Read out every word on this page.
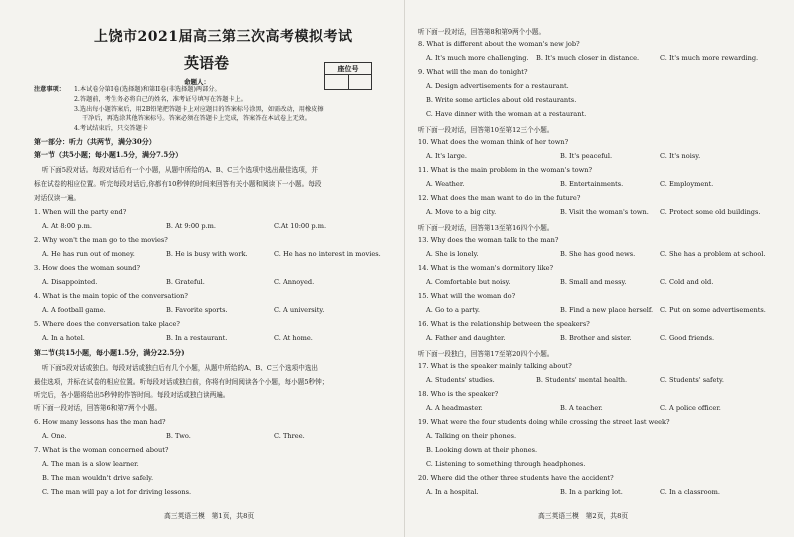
上饶市2021届高三第三次高考模拟考试
英语卷	座位号
命题人：
注意事项： 1.本试卷分第I卷(选择题)和第II卷(非选择题)两部分。
2.答题前，考生务必将自己的姓名，准考证号填写在答题卡上。
3.选出每小题答案后，用2B铅笔把答题卡上对应题目的答案标号涂黑，如需改动，用橡皮擦
干净后，再选涂其他答案标号。答案必须在答题卡上完成，答案答在本试卷上无效。
4.考试结束后，只交答题卡
第一部分：听力（共两节，满分30分）
第一节（共5小题；每小题1.5分，满分7.5分）
听下面5段对话。每段对话后有一个小题，从题中所给的A、B、C三个选项中选出最佳选项，并
标在试卷的相应位置。听完每段对话后,你都有10秒钟的时间来回答有关小题和阅读下一小题。每段
对话仅读一遍。
1. When will the party end?
A. At 8:00 p.m.	B. At 9:00 p.m.	C.At 10:00 p.m.
2. Why won't the man go to the movies?
A. He has run out of money.	B. He is busy with work.	C. He has no interest in movies.
3. How does the woman sound?
A. Disappointed.	B. Grateful.	C. Annoyed.
4. What is the main topic of the conversation?
A. A football game.	B. Favorite sports.	C. A university.
5. Where does the conversation take place?
A. In a hotel.	B. In a restaurant.	C. At home.
第二节(共15小题，每小题1.5分，满分22.5分)
听下面5段对话或独白。每段对话或独白后有几个小题，从题中所给的A、B、C三个选项中选出
最佳选项，并标在试卷的相应位置。听每段对话或独白前，你将有时间阅读各个小题，每小题5秒钟；
听完后，各小题将给出5秒钟的作答时间。每段对话或独白读两遍。
听下面一段对话，回答第6和第7两个小题。
6. How many lessons has the man had?
A. One.	B. Two.	C. Three.
7. What is the woman concerned about?
A. The man is a slow learner.
B. The man wouldn't drive safely.
C. The man will pay a lot for driving lessons.
高三英语三模　第1页，共8页
听下面一段对话，回答第8和第9两个小题。
8. What is different about the woman's new job?
A. It's much more challenging. B. It's much closer in distance.	C. It's much more rewarding.
9. What will the man do tonight?
A. Design advertisements for a restaurant.
B. Write some articles about old restaurants.
C. Have dinner with the woman at a restaurant.
听下面一段对话，回答第10至第12三个小题。
10. What does the woman think of her town?
A. It's large.	B. It's peaceful.	C. It's noisy.
11. What is the main problem in the woman's town?
A. Weather.	B. Entertainments.	C. Employment.
12. What does the man want to do in the future?
A. Move to a big city.	B. Visit the woman's town. C. Protect some old buildings.
听下面一段对话，回答第13至第16四个小题。
13. Why does the woman talk to the man?
A. She is lonely.	B. She has good news.	C. She has a problem at school.
14. What is the woman's dormitory like?
A. Comfortable but noisy.	B. Small and messy.	C. Cold and old.
15. What will the woman do?
A. Go to a party.	B. Find a new place herself. C. Put on some advertisements.
16. What is the relationship between the speakers?
A. Father and daughter.	B. Brother and sister.	C. Good friends.
听下面一段独白，回答第17至第20四个小题。
17. What is the speaker mainly talking about?
A. Students' studies.	B. Students' mental health.	C. Students' safety.
18. Who is the speaker?
A. A headmaster.	B. A teacher.	C. A police officer.
19. What were the four students doing while crossing the street last week?
A. Talking on their phones.
B. Looking down at their phones.
C. Listening to something through headphones.
20. Where did the other three students have the accident?
A. In a hospital.	B. In a parking lot.	C. In a classroom.
高三英语三模　第2页，共8页
